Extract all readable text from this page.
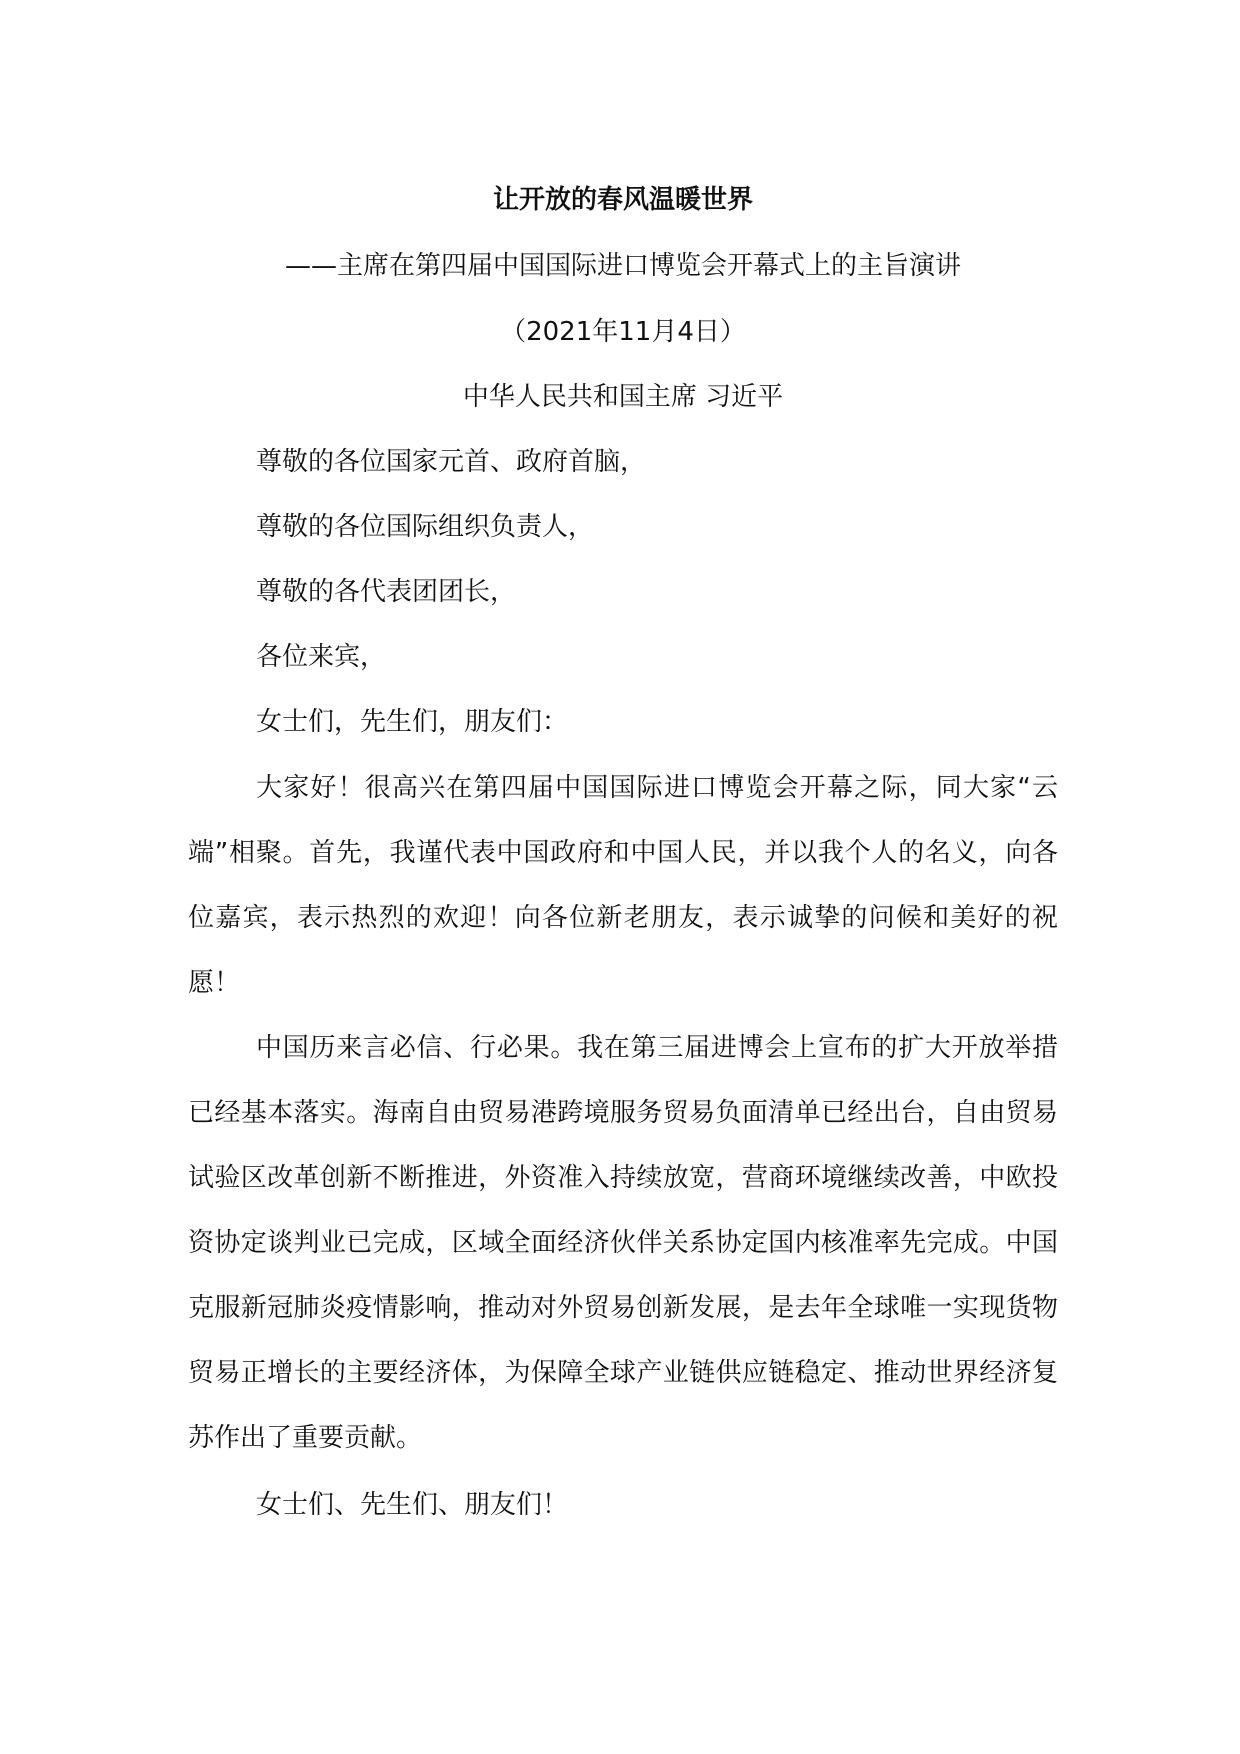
让开放的春风温暖世界
——主席在第四届中国国际进口博览会开幕式上的主旨演讲
（2021年11月4日）
中华人民共和国主席 习近平
尊敬的各位国家元首、政府首脑，
尊敬的各位国际组织负责人，
尊敬的各代表团团长，
各位来宾，
女士们，先生们，朋友们：

大家好！很高兴在第四届中国国际进口博览会开幕之际，同大家“云端”相聚。首先，我谨代表中国政府和中国人民，并以我个人的名义，向各位嘉宾，表示热烈的欢迎！向各位新老朋友，表示诚挚的问候和美好的祝愿！

中国历来言必信、行必果。我在第三届进博会上宣布的扩大开放举措已经基本落实。海南自由贸易港跨境服务贸易负面清单已经出台，自由贸易试验区改革创新不断推进，外资准入持续放宽，营商环境继续改善，中欧投资协定谈判业已完成，区域全面经济伙伴关系协定国内核准率先完成。中国克服新冠肺炎疫情影响，推动对外贸易创新发展，是去年全球唯一实现货物贸易正增长的主要经济体，为保障全球产业链供应链稳定、推动世界经济复苏作出了重要贡献。

女士们、先生们、朋友们！
